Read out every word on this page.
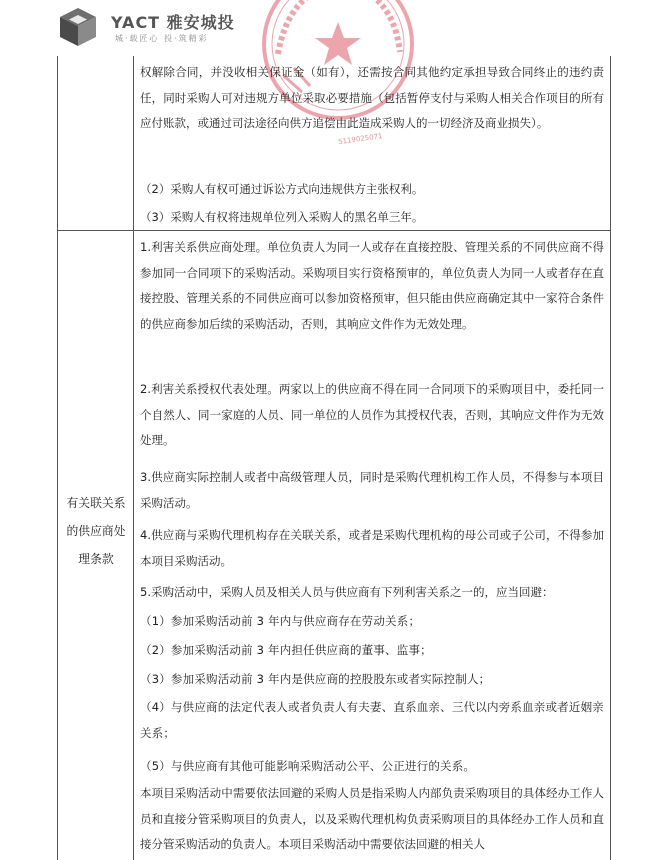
YACT 雅安城投
城·载匠心 投·筑精彩
5119025071
权解除合同，并没收相关保证金（如有），还需按合同其他约定承担导致合同终止的违约责任，同时采购人可对违规方单位采取必要措施（包括暂停支付与采购人相关合作项目的所有应付账款，或通过司法途径向供方追偿由此造成采购人的一切经济及商业损失）。
（2）采购人有权可通过诉讼方式向违规供方主张权利。
（3）采购人有权将违规单位列入采购人的黑名单三年。
有关联关系的供应商处理条款
1.利害关系供应商处理。单位负责人为同一人或存在直接控股、管理关系的不同供应商不得参加同一合同项下的采购活动。采购项目实行资格预审的，单位负责人为同一人或者存在直接控股、管理关系的不同供应商可以参加资格预审，但只能由供应商确定其中一家符合条件的供应商参加后续的采购活动，否则，其响应文件作为无效处理。
2.利害关系授权代表处理。两家以上的供应商不得在同一合同项下的采购项目中，委托同一个自然人、同一家庭的人员、同一单位的人员作为其授权代表，否则，其响应文件作为无效处理。
3.供应商实际控制人或者中高级管理人员，同时是采购代理机构工作人员，不得参与本项目采购活动。
4.供应商与采购代理机构存在关联关系，或者是采购代理机构的母公司或子公司，不得参加本项目采购活动。
5.采购活动中，采购人员及相关人员与供应商有下列利害关系之一的，应当回避：
（1）参加采购活动前 3 年内与供应商存在劳动关系；
（2）参加采购活动前 3 年内担任供应商的董事、监事；
（3）参加采购活动前 3 年内是供应商的控股股东或者实际控制人；
（4）与供应商的法定代表人或者负责人有夫妻、直系血亲、三代以内旁系血亲或者近姻亲关系；
（5）与供应商有其他可能影响采购活动公平、公正进行的关系。
本项目采购活动中需要依法回避的采购人员是指采购人内部负责采购项目的具体经办工作人员和直接分管采购项目的负责人，以及采购代理机构负责采购项目的具体经办工作人员和直接分管采购活动的负责人。本项目采购活动中需要依法回避的相关人
